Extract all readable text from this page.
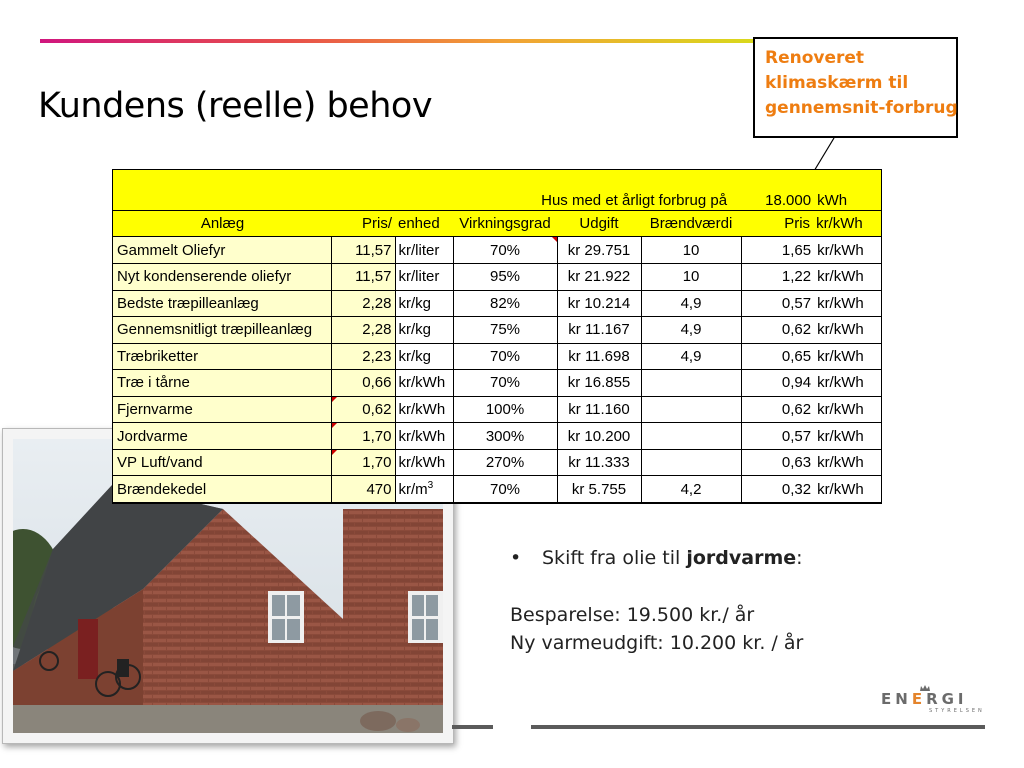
Kundens (reelle) behov
Renoveret
klimaskærm til
gennemsnit-forbrug
Hus med et årligt forbrug på						18.000	kWh
Anlæg	Pris/	enhed	Virkningsgrad	Udgift	Brændværdi	Pris	kr/kWh
Gammelt Oliefyr	11,57	kr/liter	70%	kr 29.751	10	1,65	kr/kWh
Nyt kondenserende oliefyr	11,57	kr/liter	95%	kr 21.922	10	1,22	kr/kWh
Bedste træpilleanlæg	2,28	kr/kg	82%	kr 10.214	4,9	0,57	kr/kWh
Gennemsnitligt træpilleanlæg	2,28	kr/kg	75%	kr 11.167	4,9	0,62	kr/kWh
Træbriketter	2,23	kr/kg	70%	kr 11.698	4,9	0,65	kr/kWh
Træ i tårne	0,66	kr/kWh	70%	kr 16.855		0,94	kr/kWh
Fjernvarme	0,62	kr/kWh	100%	kr 11.160		0,62	kr/kWh
Jordvarme	1,70	kr/kWh	300%	kr 10.200		0,57	kr/kWh
VP Luft/vand	1,70	kr/kWh	270%	kr 11.333		0,63	kr/kWh
Brændekedel	470	$kr/m^3$	70%	kr 5.755	4,2	0,32	kr/kWh

• Skift fra olie til jordvarme:

Besparelse: 19.500 kr./ år

Ny varmeudgift: 10.200 kr. / år

ENERGI
STYRELSEN
